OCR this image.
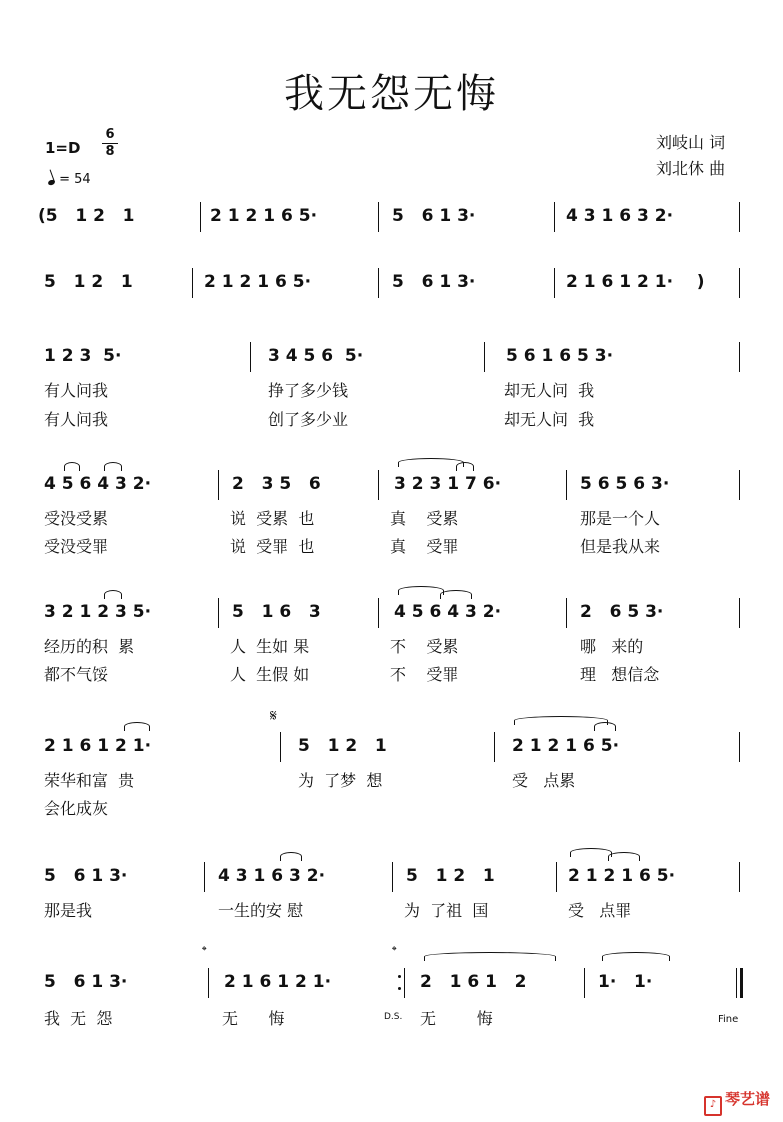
我无怨无悔
1=D
6
8
= 54
刘岐山 词
刘北休 曲
(5   1 2   1	2 1 2 1 6 5·	5   6 1 3·	4 3 1 6 3 2·
5   1 2   1	2 1 2 1 6 5·	5   6 1 3·	2 1 6 1 2 1·    )
1 2 3  5·	3 4 5 6  5·	5 6 1 6 5 3·
有人问我	挣了多少钱	却无人问  我
有人问我	创了多少业	却无人问  我
4 5 6 4 3 2·	2   3 5   6	3 2 3 1 7 6·	5 6 5 6 3·
受没受累	说  受累  也	真    受累	那是一个人
受没受罪	说  受罪  也	真    受罪	但是我从来
3 2 1 2 3 5·	5   1 6   3	4 5 6 4 3 2·	2   6 5 3·
经历的积  累	人  生如 果	不    受累	哪   来的
都不气馁	人  生假 如	不    受罪	理   想信念
𝄋
2 1 6 1 2 1·	5   1 2   1	2 1 2 1 6 5·
荣华和富  贵	为  了梦  想	受   点累
会化成灰
5   6 1 3·	4 3 1 6 3 2·	5   1 2   1	2 1 2 1 6 5·
那是我	一生的安 慰	为  了祖  国	受   点罪
𝄌	𝄌
5   6 1 3·	2 1 6 1 2 1·	2   1 6 1   2	1·   1·
我  无  怨	无      悔	D.S. 无        悔	Fine
♪ 琴艺谱
